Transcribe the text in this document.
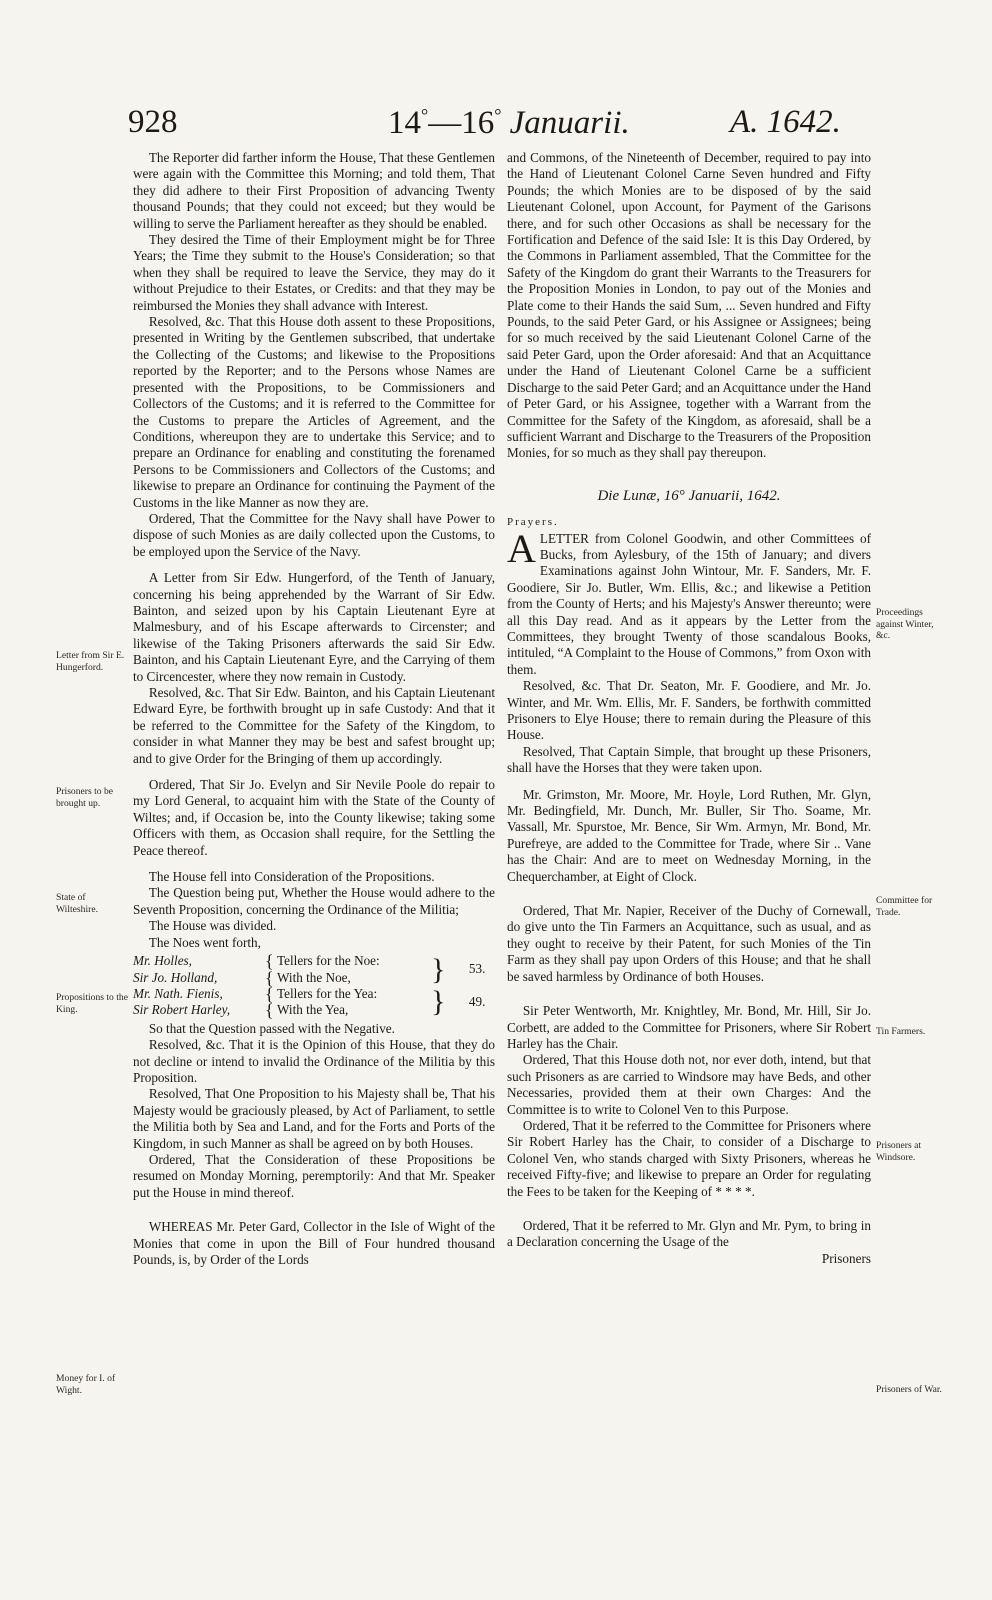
928	14°—16° Januarii.	A. 1642.

The Reporter did farther inform the House, That these Gentlemen were again with the Committee this Morning; and told them, That they did adhere to their First Proposition of advancing Twenty thousand Pounds; that they could not exceed; but they would be willing to serve the Parliament hereafter as they should be enabled.

They desired the Time of their Employment might be for Three Years; the Time they submit to the House's Consideration; so that when they shall be required to leave the Service, they may do it without Prejudice to their Estates, or Credits: and that they may be reimbursed the Monies they shall advance with Interest.

Resolved, &c. That this House doth assent to these Propositions, presented in Writing by the Gentlemen subscribed, that undertake the Collecting of the Customs; and likewise to the Propositions reported by the Reporter; and to the Persons whose Names are presented with the Propositions, to be Commissioners and Collectors of the Customs; and it is referred to the Committee for the Customs to prepare the Articles of Agreement, and the Conditions, whereupon they are to undertake this Service; and to prepare an Ordinance for enabling and constituting the forenamed Persons to be Commissioners and Collectors of the Customs; and likewise to prepare an Ordinance for continuing the Payment of the Customs in the like Manner as now they are.

Ordered, That the Committee for the Navy shall have Power to dispose of such Monies as are daily collected upon the Customs, to be employed upon the Service of the Navy.

A Letter from Sir Edw. Hungerford, of the Tenth of January, concerning his being apprehended by the Warrant of Sir Edw. Bainton, and seized upon by his Captain Lieutenant Eyre at Malmesbury, and of his Escape afterwards to Circenster; and likewise of the Taking Prisoners afterwards the said Sir Edw. Bainton, and his Captain Lieutenant Eyre, and the Carrying of them to Circencester, where they now remain in Custody.

Resolved, &c. That Sir Edw. Bainton, and his Captain Lieutenant Edward Eyre, be forthwith brought up in safe Custody: And that it be referred to the Committee for the Safety of the Kingdom, to consider in what Manner they may be best and safest brought up; and to give Order for the Bringing of them up accordingly.

Ordered, That Sir Jo. Evelyn and Sir Nevile Poole do repair to my Lord General, to acquaint him with the State of the County of Wiltes; and, if Occasion be, into the County likewise; taking some Officers with them, as Occasion shall require, for the Settling the Peace thereof.

The House fell into Consideration of the Propositions.

The Question being put, Whether the House would adhere to the Seventh Proposition, concerning the Ordinance of the Militia;

The House was divided.

The Noes went forth,

Mr. Holles,	{ Tellers for the Noe:
Sir Jo. Holland,	{ With the Noe,	}	53.
Mr. Nath. Fienis,	{ Tellers for the Yea:
Sir Robert Harley,	{ With the Yea,	}	49.

So that the Question passed with the Negative.

Resolved, &c. That it is the Opinion of this House, that they do not decline or intend to invalid the Ordinance of the Militia by this Proposition.

Resolved, That One Proposition to his Majesty shall be, That his Majesty would be graciously pleased, by Act of Parliament, to settle the Militia both by Sea and Land, and for the Forts and Ports of the Kingdom, in such Manner as shall be agreed on by both Houses.

Ordered, That the Consideration of these Propositions be resumed on Monday Morning, peremptorily: And that Mr. Speaker put the House in mind thereof.

WHEREAS Mr. Peter Gard, Collector in the Isle of Wight of the Monies that come in upon the Bill of Four hundred thousand Pounds, is, by Order of the Lords

Letter from Sir E. Hungerford.
Prisoners to be brought up.
State of Wilteshire.
Propositions to the King.
Money for I. of Wight.

and Commons, of the Nineteenth of December, required to pay into the Hand of Lieutenant Colonel Carne Seven hundred and Fifty Pounds; the which Monies are to be disposed of by the said Lieutenant Colonel, upon Account, for Payment of the Garisons there, and for such other Occasions as shall be necessary for the Fortification and Defence of the said Isle: It is this Day Ordered, by the Commons in Parliament assembled, That the Committee for the Safety of the Kingdom do grant their Warrants to the Treasurers for the Proposition Monies in London, to pay out of the Monies and Plate come to their Hands the said Sum, ... Seven hundred and Fifty Pounds, to the said Peter Gard, or his Assignee or Assignees; being for so much received by the said Lieutenant Colonel Carne of the said Peter Gard, upon the Order aforesaid: And that an Acquittance under the Hand of Lieutenant Colonel Carne be a sufficient Discharge to the said Peter Gard; and an Acquittance under the Hand of Peter Gard, or his Assignee, together with a Warrant from the Committee for the Safety of the Kingdom, as aforesaid, shall be a sufficient Warrant and Discharge to the Treasurers of the Proposition Monies, for so much as they shall pay thereupon.

Die Lunæ, 16° Januarii, 1642.

Prayers.

ALETTER from Colonel Goodwin, and other Committees of Bucks, from Aylesbury, of the 15th of January; and divers Examinations against John Wintour, Mr. F. Sanders, Mr. F. Goodiere, Sir Jo. Butler, Wm. Ellis, &c.; and likewise a Petition from the County of Herts; and his Majesty's Answer thereunto; were all this Day read. And as it appears by the Letter from the Committees, they brought Twenty of those scandalous Books, intituled, “A Complaint to the House of Commons,” from Oxon with them.

Resolved, &c. That Dr. Seaton, Mr. F. Goodiere, and Mr. Jo. Winter, and Mr. Wm. Ellis, Mr. F. Sanders, be forthwith committed Prisoners to Elye House; there to remain during the Pleasure of this House.

Resolved, That Captain Simple, that brought up these Prisoners, shall have the Horses that they were taken upon.

Mr. Grimston, Mr. Moore, Mr. Hoyle, Lord Ruthen, Mr. Glyn, Mr. Bedingfield, Mr. Dunch, Mr. Buller, Sir Tho. Soame, Mr. Vassall, Mr. Spurstoe, Mr. Bence, Sir Wm. Armyn, Mr. Bond, Mr. Purefreye, are added to the Committee for Trade, where Sir .. Vane has the Chair: And are to meet on Wednesday Morning, in the Chequerchamber, at Eight of Clock.

Ordered, That Mr. Napier, Receiver of the Duchy of Cornewall, do give unto the Tin Farmers an Acquittance, such as usual, and as they ought to receive by their Patent, for such Monies of the Tin Farm as they shall pay upon Orders of this House; and that he shall be saved harmless by Ordinance of both Houses.

Sir Peter Wentworth, Mr. Knightley, Mr. Bond, Mr. Hill, Sir Jo. Corbett, are added to the Committee for Prisoners, where Sir Robert Harley has the Chair.

Ordered, That this House doth not, nor ever doth, intend, but that such Prisoners as are carried to Windsore may have Beds, and other Necessaries, provided them at their own Charges: And the Committee is to write to Colonel Ven to this Purpose.

Ordered, That it be referred to the Committee for Prisoners where Sir Robert Harley has the Chair, to consider of a Discharge to Colonel Ven, who stands charged with Sixty Prisoners, whereas he received Fifty-five; and likewise to prepare an Order for regulating the Fees to be taken for the Keeping of * * * *.

Ordered, That it be referred to Mr. Glyn and Mr. Pym, to bring in a Declaration concerning the Usage of the

Prisoners
Proceedings against Winter, &c.
Committee for Trade.
Tin Farmers.
Prisoners at Windsore.
Prisoners of War.
